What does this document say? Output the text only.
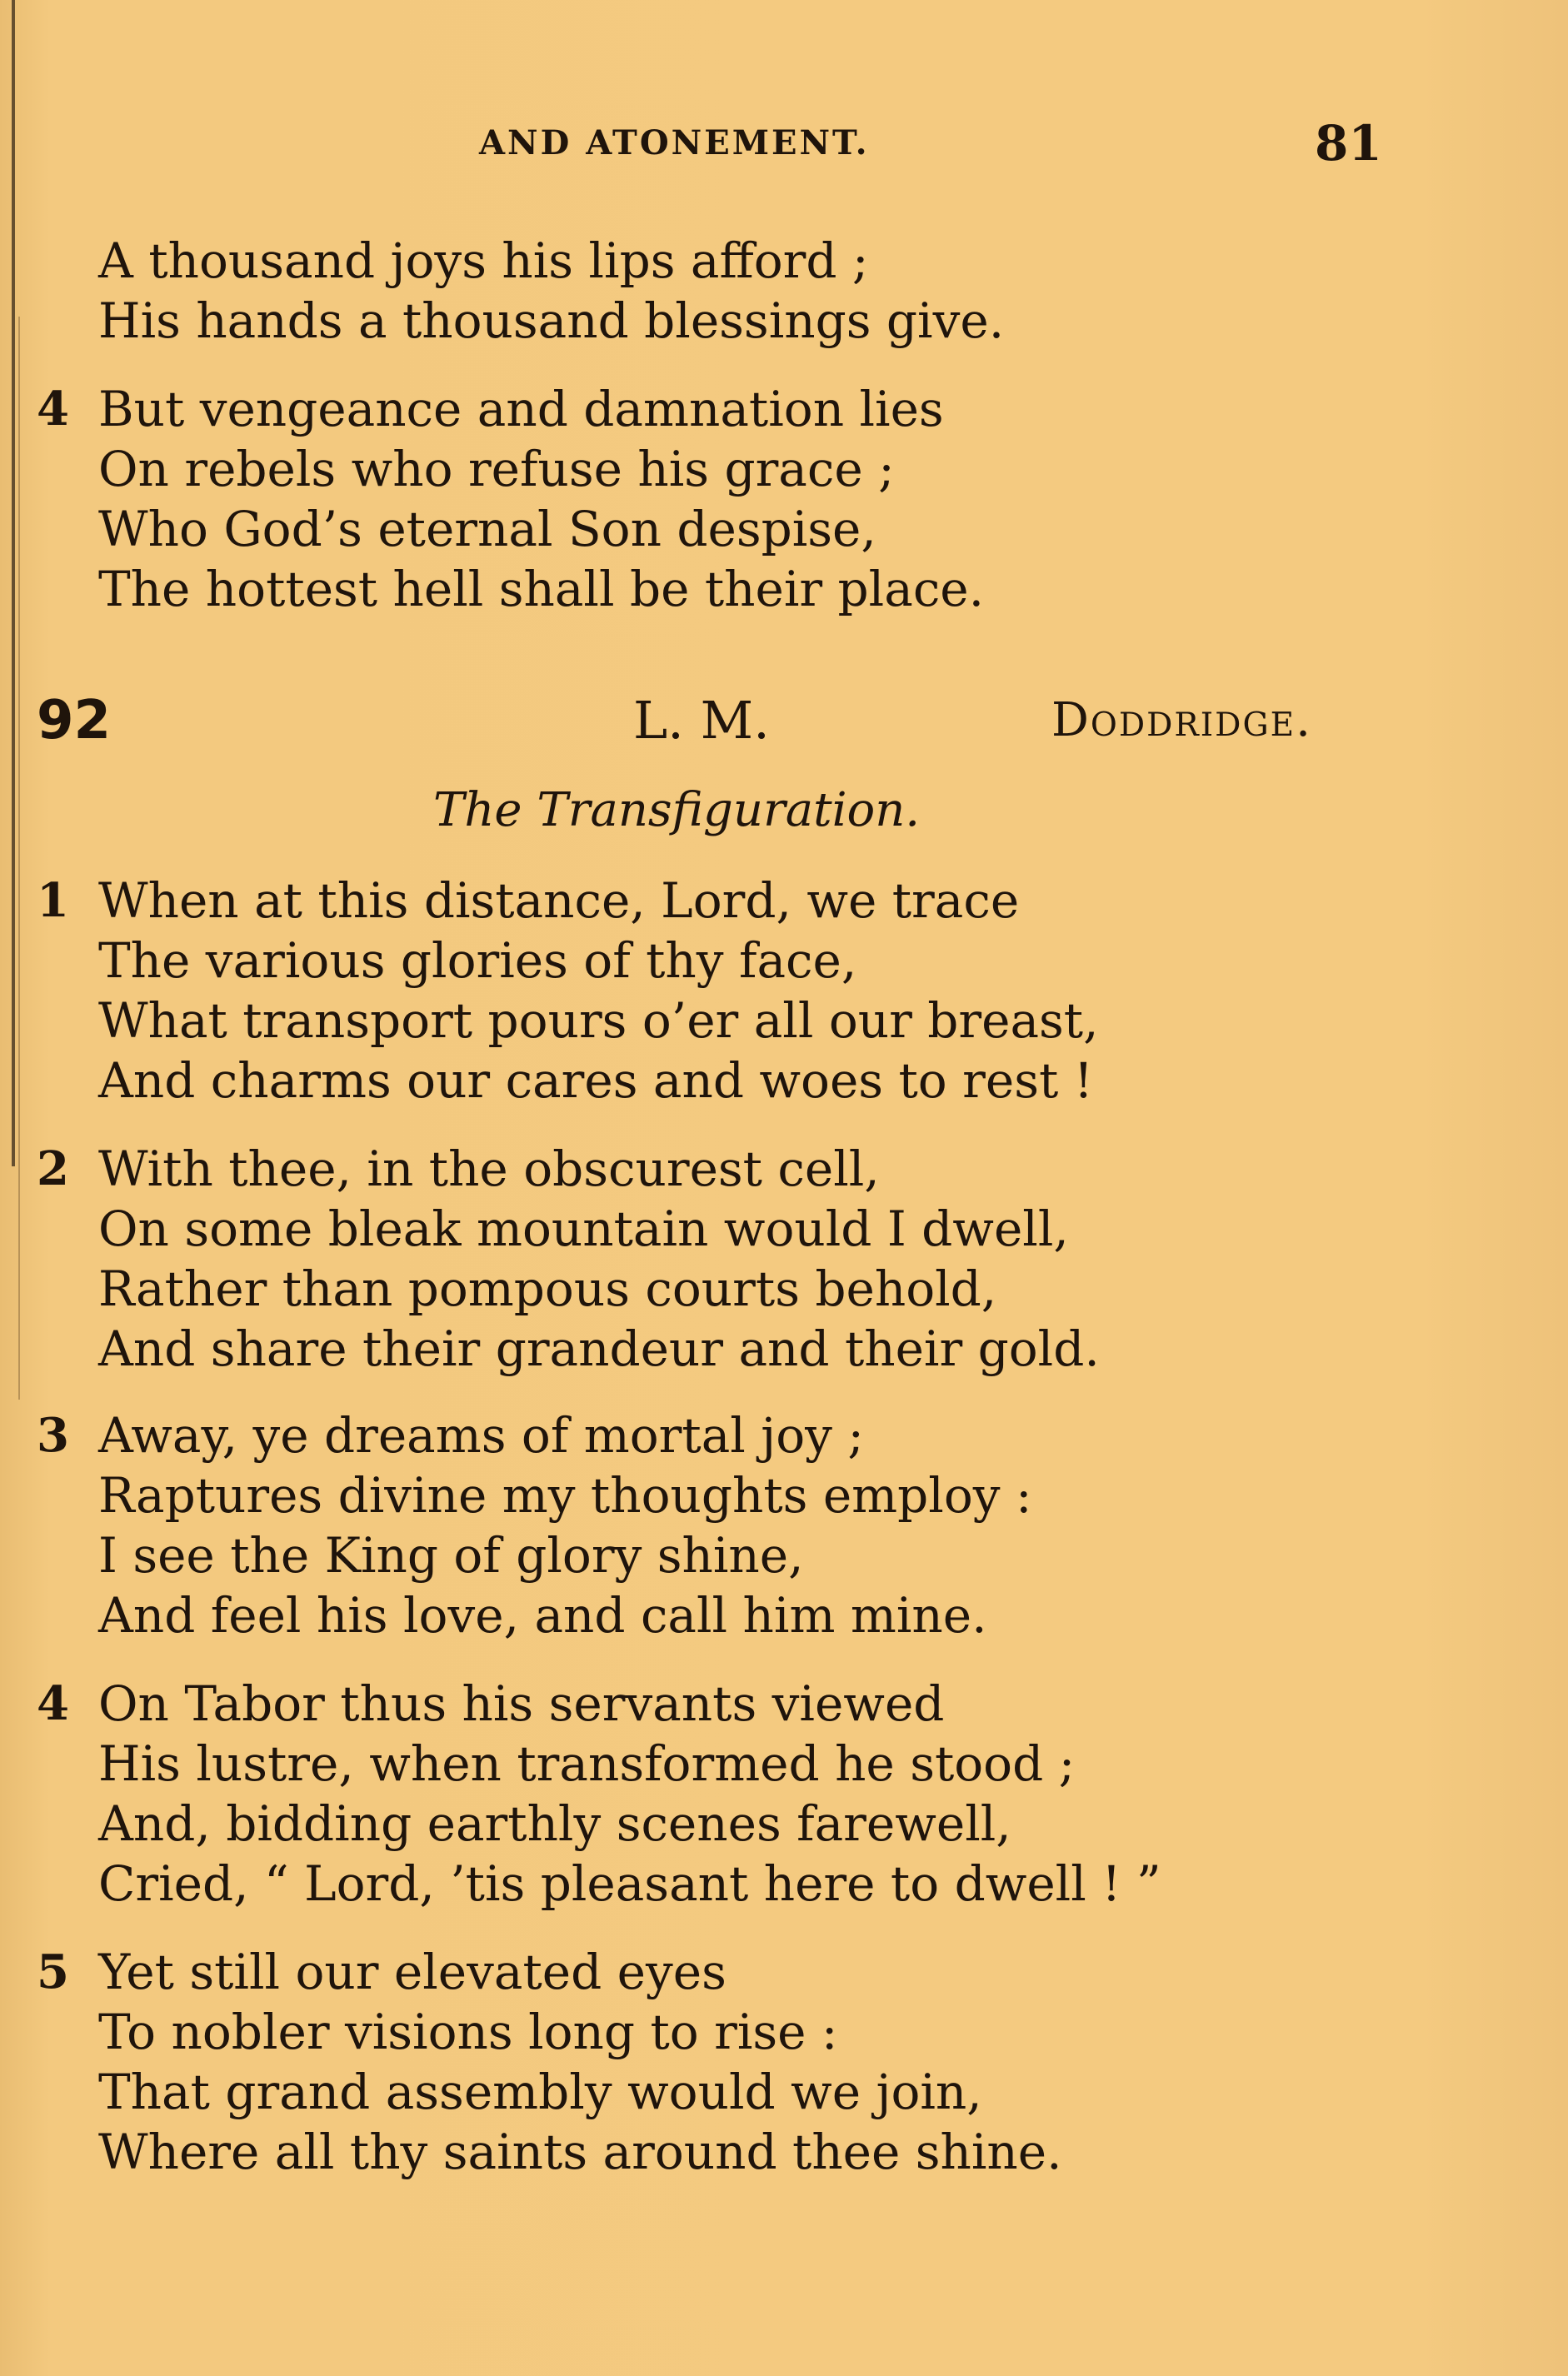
AND ATONEMENT.	81
A thousand joys his lips afford ;
His hands a thousand blessings give.
4 But vengeance and damnation lies
On rebels who refuse his grace ;
Who God’s eternal Son despise,
The hottest hell shall be their place.
92	L. M.	Doddridge.
The Transfiguration.
1 When at this distance, Lord, we trace
The various glories of thy face,
What transport pours o’er all our breast,
And charms our cares and woes to rest !
2 With thee, in the obscurest cell,
On some bleak mountain would I dwell,
Rather than pompous courts behold,
And share their grandeur and their gold.
3 Away, ye dreams of mortal joy ;
Raptures divine my thoughts employ :
I see the King of glory shine,
And feel his love, and call him mine.
4 On Tabor thus his servants viewed
His lustre, when transformed he stood ;
And, bidding earthly scenes farewell,
Cried, “ Lord, ’tis pleasant here to dwell ! ”
5 Yet still our elevated eyes
To nobler visions long to rise :
That grand assembly would we join,
Where all thy saints around thee shine.
